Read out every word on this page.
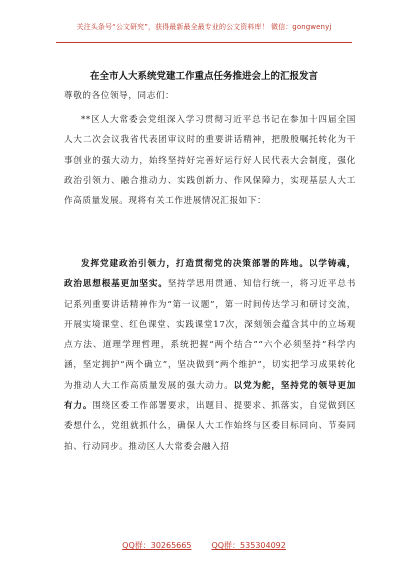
关注头条号“公文研究”，获得最新最全最专业的公文资料库！ 微信：gongwenyj
在全市人大系统党建工作重点任务推进会上的汇报发言
尊敬的各位领导，同志们：
**区人大常委会党组深入学习贯彻习近平总书记在参加十四届全国人大二次会议我省代表团审议时的重要讲话精神，把殷殷嘱托转化为干事创业的强大动力，始终坚持好完善好运行好人民代表大会制度，强化政治引领力、融合推动力、实践创新力、作风保障力，实现基层人大工作高质量发展。现将有关工作进展情况汇报如下：
发挥党建政治引领力，打造贯彻党的决策部署的阵地。以学铸魂，政治思想根基更加坚实。坚持学思用贯通、知信行统一，将习近平总书记系列重要讲话精神作为“第一议题”，第一时间传达学习和研讨交流，开展实境课堂、红色课堂、实践课堂17次，深刻领会蕴含其中的立场观点方法、道理学理哲理，系统把握“两个结合”“六个必须坚持”科学内涵，坚定拥护“两个确立”，坚决做到“两个维护”，切实把学习成果转化为推动人大工作高质量发展的强大动力。以党为舵，坚持党的领导更加有力。围绕区委工作部署要求，出题目、提要求、抓落实，自觉做到区委想什么，党组就抓什么，确保人大工作始终与区委目标同向、节奏同拍、行动同步。推动区人大常委会融入招
QQ群：30265665	QQ群：535304092
